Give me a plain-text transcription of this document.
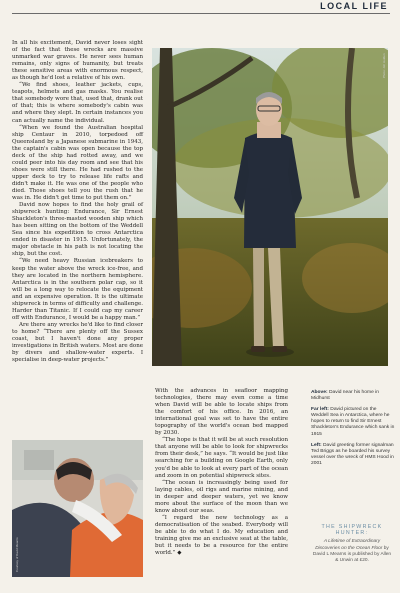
LOCAL LIFE

In all his excitement, David never loses sight of the fact that these wrecks are massive unmarked war graves. He never sees human remains, only signs of humanity, but treats these sensitive areas with enormous respect, as though he'd lost a relative of his own.

“We find shoes, leather jackets, cups, teapots, helmets and gas masks. You realise that somebody wore that, used that, drank out of that; this is where somebody's cabin was and where they slept. In certain instances you can actually name the individual.

“When we found the Australian hospital ship Centaur in 2010, torpedoed off Queensland by a Japanese submarine in 1943, the captain's cabin was open because the top deck of the ship had rotted away, and we could peer into his day room and see that his shoes were still there. He had rushed to the upper deck to try to release life rafts and didn't make it. He was one of the people who died. Those shoes tell you the rush that he was in. He didn't get time to put them on.”

David now hopes to find the holy grail of shipwreck hunting: Endurance, Sir Ernest Shackleton's three-masted wooden ship which has been sitting on the bottom of the Weddell Sea since his expedition to cross Antarctica ended in disaster in 1915. Unfortunately, the major obstacle in his path is not locating the ship, but the cost.

“We need heavy Russian icebreakers to keep the water above the wreck ice-free, and they are located in the northern hemisphere. Antarctica is in the southern polar cap, so it will be a long way to relocate the equipment and an expensive operation. It is the ultimate shipwreck in terms of difficulty and challenge. Harder than Titanic. If I could cap my career off with Endurance, I would be a happy man.”

Are there any wrecks he'd like to find closer to home? “There are plenty off the Sussex coast, but I haven't done any proper investigations in British waters. Most are done by divers and shallow-water experts. I specialise in deep-water projects.”

Photo: Jim Holden
Courtesy of David Mearns

With the advances in seafloor mapping technologies, there may even come a time when David will be able to locate ships from the comfort of his office. In 2016, an international goal was set to have the entire topography of the world's ocean bed mapped by 2030.

“The hope is that it will be at such resolution that anyone will be able to look for shipwrecks from their desk,” he says. “It would be just like searching for a building on Google Earth, only you'd be able to look at every part of the ocean and zoom in on potential shipwreck sites.

“The ocean is increasingly being used for laying cables, oil rigs and marine mining, and in deeper and deeper waters, yet we know more about the surface of the moon than we know about our seas.

“I regard the new technology as a democratisation of the seabed. Everybody will be able to do what I do. My education and training give me an exclusive seat at the table, but it needs to be a resource for the entire world.” ◆

Above: David near his home in Midhurst

Far left: David pictured on the Weddell Sea in Antarctica, where he hopes to return to find Sir Ernest Shackleton's Endurance which sank in 1915

Left: David greeting former signalman Ted Briggs as he boarded his survey vessel over the wreck of HMS Hood in 2001

THE SHIPWRECK HUNTER:
A Lifetime of Extraordinary Discoveries on the Ocean Floor by David L Mearns is published by Allen & Unwin at £20.
